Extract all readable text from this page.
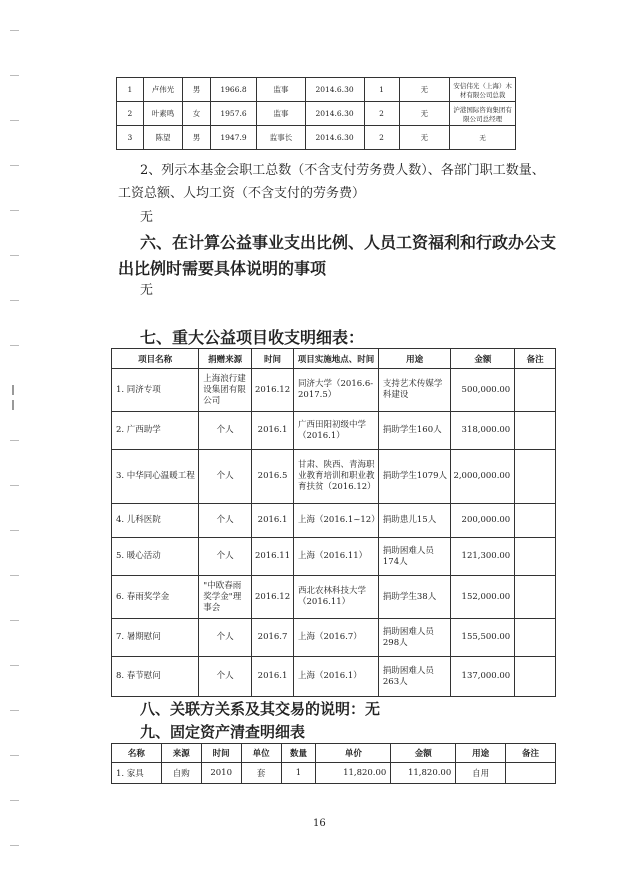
1	卢伟光	男	1966.8	监事	2014.6.30	1	无	安信伟光（上海）木材有限公司总裁
2	叶素鸣	女	1957.6	监事	2014.6.30	2	无	沪港国际咨询集团有限公司总经理
3	陈望	男	1947.9	监事长	2014.6.30	2	无	无
2、列示本基金会职工总数（不含支付劳务费人数）、各部门职工数量、
工资总额、人均工资（不含支付的劳务费）
无
六、在计算公益事业支出比例、人员工资福利和行政办公支
出比例时需要具体说明的事项
无
七、重大公益项目收支明细表：
项目名称	捐赠来源	时间	项目实施地点、时间	用途	金额	备注
1. 同济专项	上海浪行建设集团有限公司	2016.12	同济大学（2016.6-2017.5）	支持艺术传媒学科建设	500,000.00	
2. 广西助学	个人	2016.1	广西田阳初级中学（2016.1）	捐助学生160人	318,000.00	
3. 中华同心温暖工程	个人	2016.5	甘肃、陕西、青海职业教育培训和职业教育扶贫（2016.12）	捐助学生1079人	2,000,000.00	
4. 儿科医院	个人	2016.1	上海（2016.1~12）	捐助患儿15人	200,000.00	
5. 暖心活动	个人	2016.11	上海（2016.11）	捐助困难人员174人	121,300.00	
6. 春雨奖学金	"中欧春雨奖学金"理事会	2016.12	西北农林科技大学（2016.11）	捐助学生38人	152,000.00	
7. 暑期慰问	个人	2016.7	上海（2016.7）	捐助困难人员298人	155,500.00	
8. 春节慰问	个人	2016.1	上海（2016.1）	捐助困难人员263人	137,000.00	
八、关联方关系及其交易的说明：无
九、固定资产清查明细表
名称	来源	时间	单位	数量	单价	金额	用途	备注
1. 家具	自购	2010	套	1	11,820.00	11,820.00	自用	
16
